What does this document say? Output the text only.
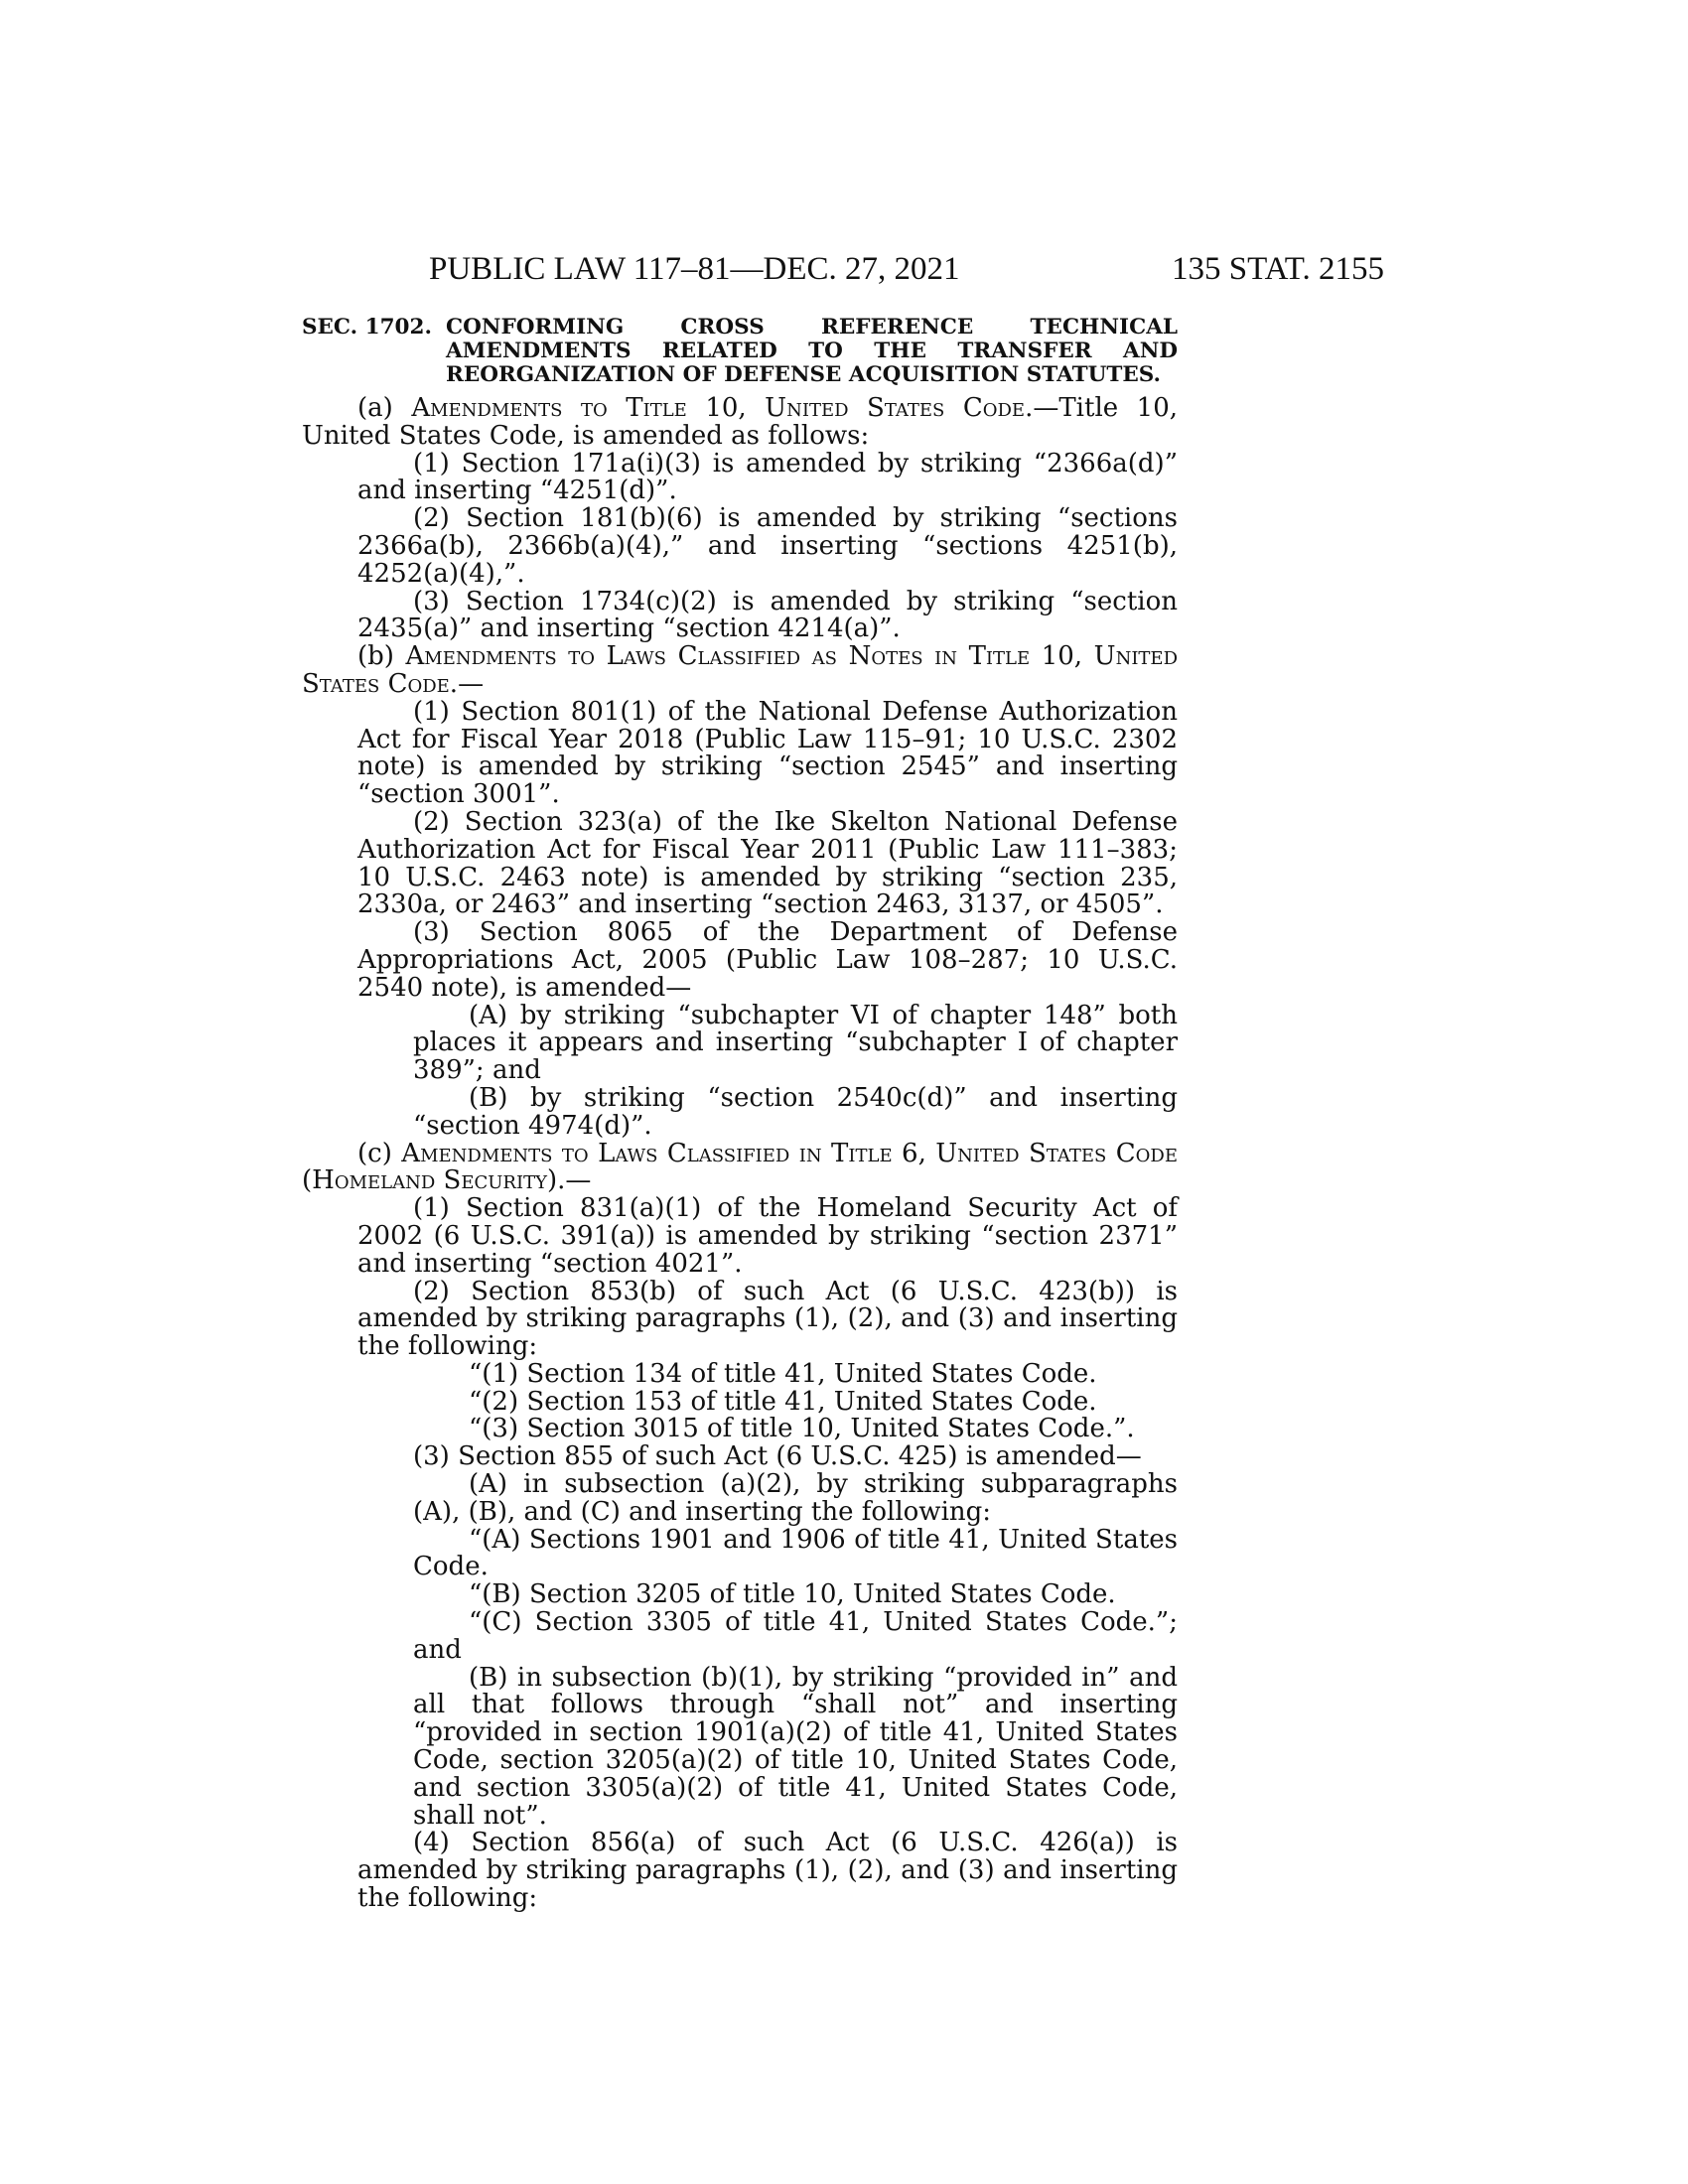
PUBLIC LAW 117–81—DEC. 27, 2021	135 STAT. 2155
SEC. 1702. CONFORMING CROSS REFERENCE TECHNICAL AMENDMENTS RELATED TO THE TRANSFER AND REORGANIZATION OF DEFENSE ACQUISITION STATUTES.

(a) Amendments to Title 10, United States Code.—Title 10, United States Code, is amended as follows:

(1) Section 171a(i)(3) is amended by striking “2366a(d)” and inserting “4251(d)”.

(2) Section 181(b)(6) is amended by striking “sections 2366a(b), 2366b(a)(4),” and inserting “sections 4251(b), 4252(a)(4),”.

(3) Section 1734(c)(2) is amended by striking “section 2435(a)” and inserting “section 4214(a)”.

(b) Amendments to Laws Classified as Notes in Title 10, United States Code.—

(1) Section 801(1) of the National Defense Authorization Act for Fiscal Year 2018 (Public Law 115–91; 10 U.S.C. 2302 note) is amended by striking “section 2545” and inserting “section 3001”.

(2) Section 323(a) of the Ike Skelton National Defense Authorization Act for Fiscal Year 2011 (Public Law 111–383; 10 U.S.C. 2463 note) is amended by striking “section 235, 2330a, or 2463” and inserting “section 2463, 3137, or 4505”.

(3) Section 8065 of the Department of Defense Appropriations Act, 2005 (Public Law 108–287; 10 U.S.C. 2540 note), is amended—

(A) by striking “subchapter VI of chapter 148” both places it appears and inserting “subchapter I of chapter 389”; and

(B) by striking “section 2540c(d)” and inserting “section 4974(d)”.

(c) Amendments to Laws Classified in Title 6, United States Code (Homeland Security).—

(1) Section 831(a)(1) of the Homeland Security Act of 2002 (6 U.S.C. 391(a)) is amended by striking “section 2371” and inserting “section 4021”.

(2) Section 853(b) of such Act (6 U.S.C. 423(b)) is amended by striking paragraphs (1), (2), and (3) and inserting the following:

“(1) Section 134 of title 41, United States Code.

“(2) Section 153 of title 41, United States Code.

“(3) Section 3015 of title 10, United States Code.”.

(3) Section 855 of such Act (6 U.S.C. 425) is amended—

(A) in subsection (a)(2), by striking subparagraphs (A), (B), and (C) and inserting the following:

“(A) Sections 1901 and 1906 of title 41, United States Code.

“(B) Section 3205 of title 10, United States Code.

“(C) Section 3305 of title 41, United States Code.”; and

(B) in subsection (b)(1), by striking “provided in” and all that follows through “shall not” and inserting “provided in section 1901(a)(2) of title 41, United States Code, section 3205(a)(2) of title 10, United States Code, and section 3305(a)(2) of title 41, United States Code, shall not”.

(4) Section 856(a) of such Act (6 U.S.C. 426(a)) is amended by striking paragraphs (1), (2), and (3) and inserting the following:
